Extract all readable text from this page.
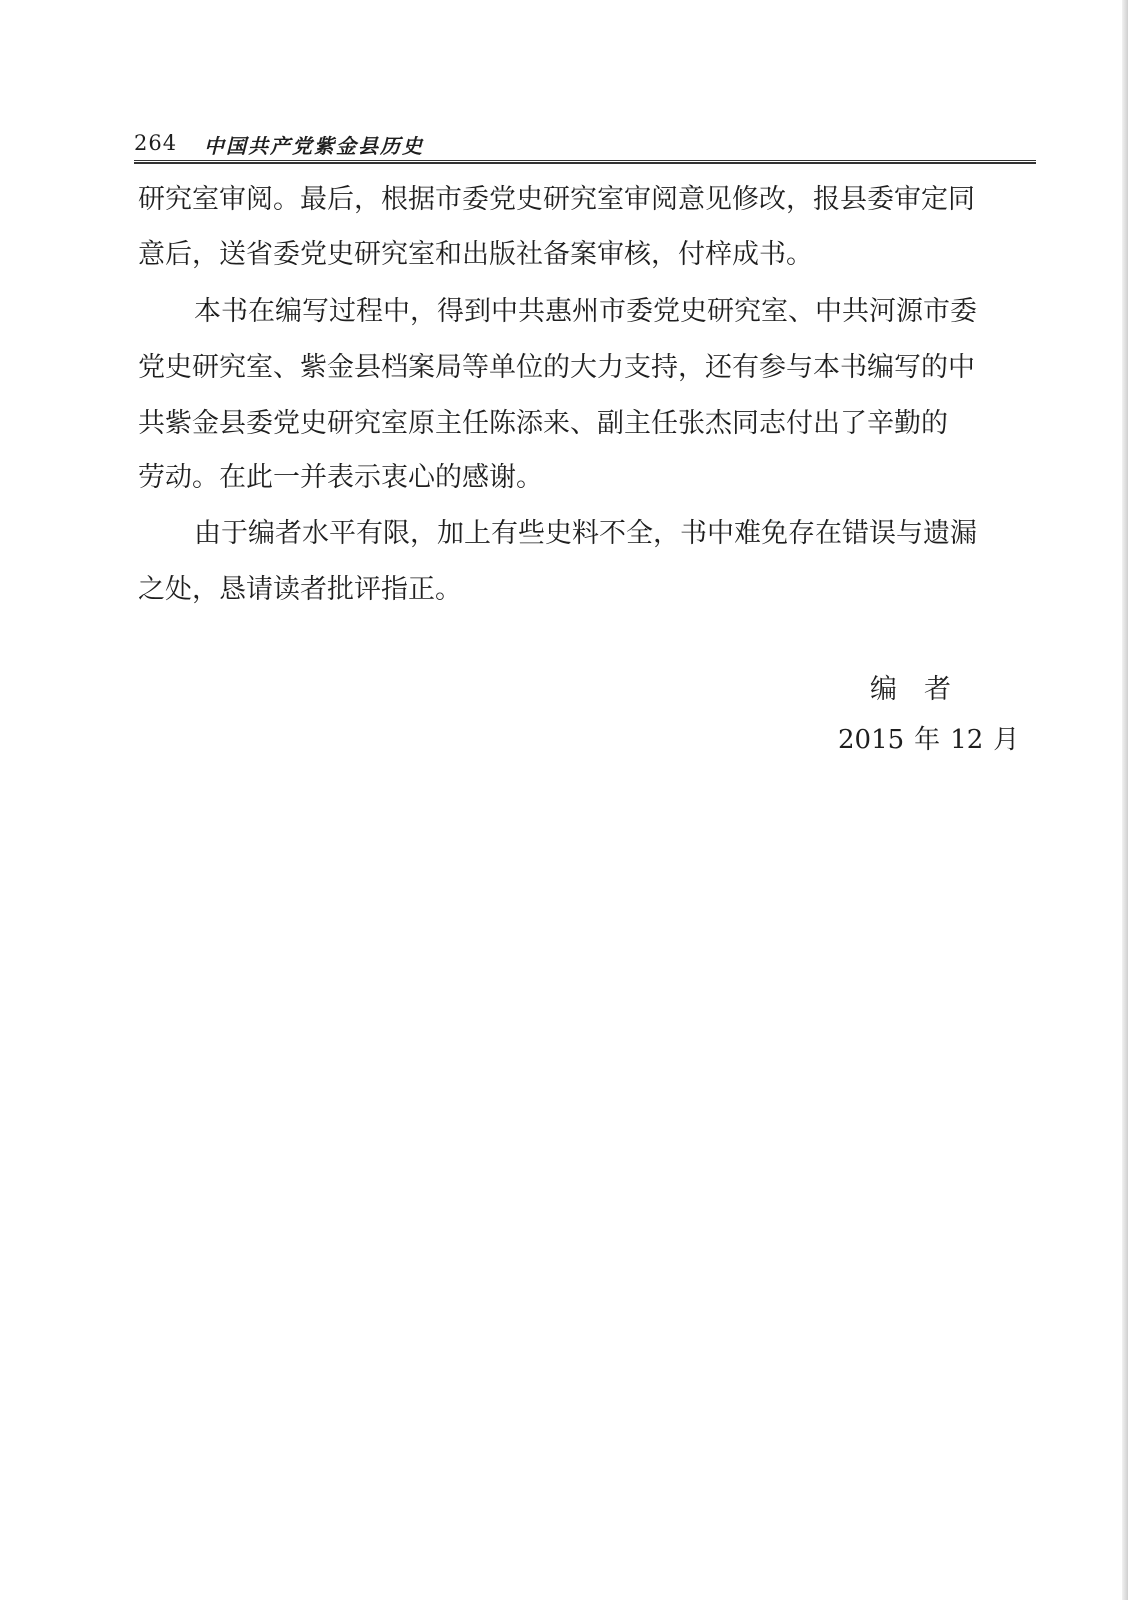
264 中国共产党紫金县历史
研究室审阅。最后，根据市委党史研究室审阅意见修改，报县委审定同
意后，送省委党史研究室和出版社备案审核，付梓成书。
本书在编写过程中，得到中共惠州市委党史研究室、中共河源市委
党史研究室、紫金县档案局等单位的大力支持，还有参与本书编写的中
共紫金县委党史研究室原主任陈添来、副主任张杰同志付出了辛勤的
劳动。在此一并表示衷心的感谢。
由于编者水平有限，加上有些史料不全，书中难免存在错误与遗漏
之处，恳请读者批评指正。
编　者
2015 年 12 月
